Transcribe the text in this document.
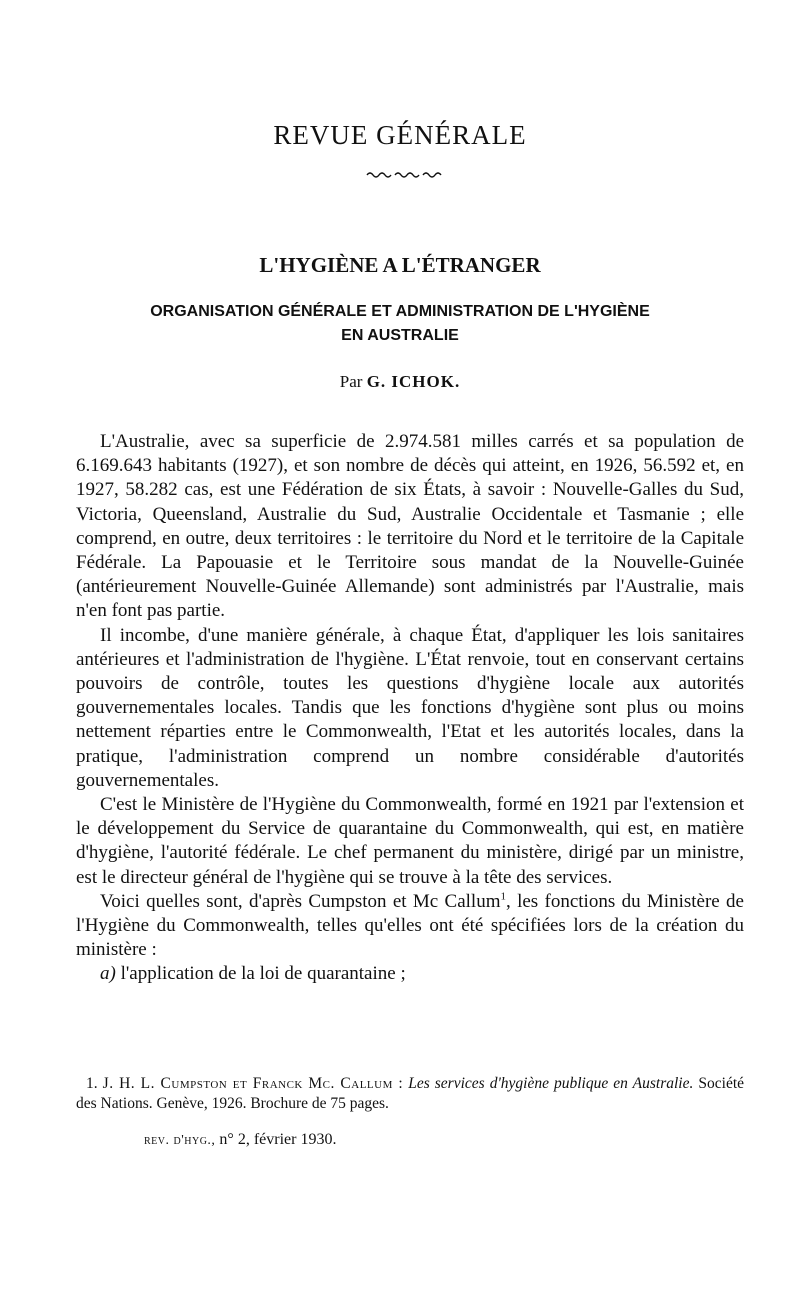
REVUE GÉNÉRALE
L'HYGIÈNE A L'ÉTRANGER
ORGANISATION GÉNÉRALE ET ADMINISTRATION DE L'HYGIÈNE
EN AUSTRALIE
Par G. ICHOK.

L'Australie, avec sa superficie de 2.974.581 milles carrés et sa population de 6.169.643 habitants (1927), et son nombre de décès qui atteint, en 1926, 56.592 et, en 1927, 58.282 cas, est une Fédération de six États, à savoir : Nouvelle-Galles du Sud, Victoria, Queensland, Australie du Sud, Australie Occidentale et Tasmanie ; elle comprend, en outre, deux territoires : le territoire du Nord et le territoire de la Capitale Fédérale. La Papouasie et le Territoire sous mandat de la Nouvelle-Guinée (antérieurement Nouvelle-Guinée Allemande) sont administrés par l'Australie, mais n'en font pas partie.

Il incombe, d'une manière générale, à chaque État, d'appliquer les lois sanitaires antérieures et l'administration de l'hygiène. L'État renvoie, tout en conservant certains pouvoirs de contrôle, toutes les questions d'hygiène locale aux autorités gouvernementales locales. Tandis que les fonctions d'hygiène sont plus ou moins nettement réparties entre le Commonwealth, l'Etat et les autorités locales, dans la pratique, l'administration comprend un nombre considérable d'autorités gouvernementales.

C'est le Ministère de l'Hygiène du Commonwealth, formé en 1921 par l'extension et le développement du Service de quarantaine du Commonwealth, qui est, en matière d'hygiène, l'autorité fédérale. Le chef permanent du ministère, dirigé par un ministre, est le directeur général de l'hygiène qui se trouve à la tête des services.

Voici quelles sont, d'après Cumpston et Mc Callum$^1$, les fonctions du Ministère de l'Hygiène du Commonwealth, telles qu'elles ont été spécifiées lors de la création du ministère :

a) l'application de la loi de quarantaine ;

1. J. H. L. Cumpston et Franck Mc. Callum : Les services d'hygiène publique en Australie. Société des Nations. Genève, 1926. Brochure de 75 pages.
rev. d'hyg., n° 2, février 1930.
